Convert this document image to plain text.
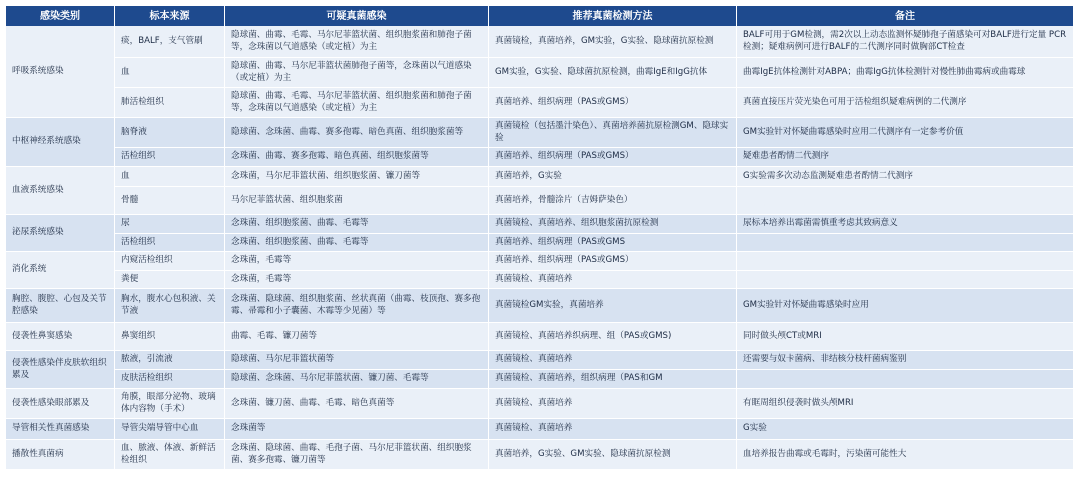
感染类别	标本来源	可疑真菌感染	推荐真菌检测方法	备注
呼吸系统感染	痰，BALF，支气管刷	隐球菌、曲霉、毛霉、马尔尼菲篮状菌、组织胞浆菌和肺孢子菌等，念珠菌以气道感染（或定植）为主	真菌镜检，真菌培养，GM实验，G实验、隐球菌抗原检测	BALF可用于GM检测，需2次以上动态监测怀疑肺孢子菌感染可对BALF进行定量 PCR检测；疑难病例可进行BALF的二代测序同时做胸部CT检查
	血	隐球菌、曲霉、马尔尼菲篮状菌肺孢子菌等，念珠菌以气道感染（或定植）为主	GM实验，G实验、隐球菌抗原检测，曲霉IgE和IgG抗体	曲霉IgE抗体检测针对ABPA；曲霉IgG抗体检测针对慢性肺曲霉病或曲霉球
	肺活检组织	隐球菌、曲霉、毛霉、马尔尼菲篮状菌、组织胞浆菌和肺孢子菌等，念珠菌以气道感染（或定植）为主	真菌培养、组织病理（PAS或GMS）	真菌直接压片荧光染色可用于活检组织疑难病例的二代测序
中枢神经系统感染	脑脊液	隐球菌、念珠菌、曲霉、赛多孢霉、暗色真菌、组织胞浆菌等	真菌镜检（包括墨汁染色）、真菌培养菌抗原检测GM、隐球实验	GM实验针对怀疑曲霉感染时应用二代测序有一定参考价值
	活检组织	念珠菌、曲霉、赛多孢霉、暗色真菌、组织胞浆菌等	真菌培养、组织病理（PAS或GMS）	疑难患者酌情二代测序
血液系统感染	血	念珠菌，马尔尼菲篮状菌、组织胞浆菌、镰刀菌等	真菌培养，G实验	G实验需多次动态监测疑难患者酌情二代测序
	骨髓	马尔尼菲篮状菌、组织胞浆菌	真菌培养，骨髓涂片（吉姆萨染色）	
泌尿系统感染	尿	念珠菌、组织胞浆菌、曲霉、毛霉等	真菌镜检、真菌培养、组织胞浆菌抗原检测	尿标本培养出霉菌需慎重考虑其致病意义
	活检组织	念珠菌、组织胞浆菌、曲霉、毛霉等	真菌培养、组织病理（PAS或GMS	
消化系统	内窥活检组织	念珠菌，毛霉等	真菌培养、组织病理（PAS或GMS）	
	粪便	念珠菌，毛霉等	真菌镜检、真菌培养	
胸腔、腹腔、心包及关节腔感染	胸水，腹水心包积液、关节液	念珠菌、隐球菌、组织胞浆菌、丝状真菌（曲霉、枝顶孢、赛多孢霉、帚霉和小子囊菌、木霉等少见菌）等	真菌镜检GM实验，真菌培养	GM实验针对怀疑曲霉感染时应用
侵袭性鼻窦感染	鼻窦组织	曲霉、毛霉、镰刀菌等	真菌镜检、真菌培养织病理、组（PAS或GMS)	同时做头颅CT或MRI
侵袭性感染伴皮肤软组织累及	脓液，引流液	隐球菌、马尔尼菲篮状菌等	真菌镜检、真菌培养	还需要与奴卡菌病、非结核分枝杆菌病鉴别
	皮肤活检组织	隐球菌、念珠菌、马尔尼菲篮状菌、镰刀菌、毛霉等	真菌镜检、真菌培养，组织病理（PAS和GM	
侵袭性感染眼部累及	角膜，眼部分泌物、玻璃体内容物（手术）	念珠菌、镰刀菌、曲霉、毛霉、暗色真菌等	真菌镜检、真菌培养	有眶周组织侵袭时做头颅MRI
导管相关性真菌感染	导管尖端导管中心血	念珠菌等	真菌镜检、真菌培养	G实验
播散性真菌病	血、脓液、体液、新鲜活检组织	念珠菌、隐球菌、曲霉、毛孢子菌、马尔尼菲篮状菌、组织胞浆菌、赛多孢霉、镰刀菌等	真菌培养，G实验、GM实验、隐球菌抗原检测	血培养报告曲霉或毛霉时，污染菌可能性大
